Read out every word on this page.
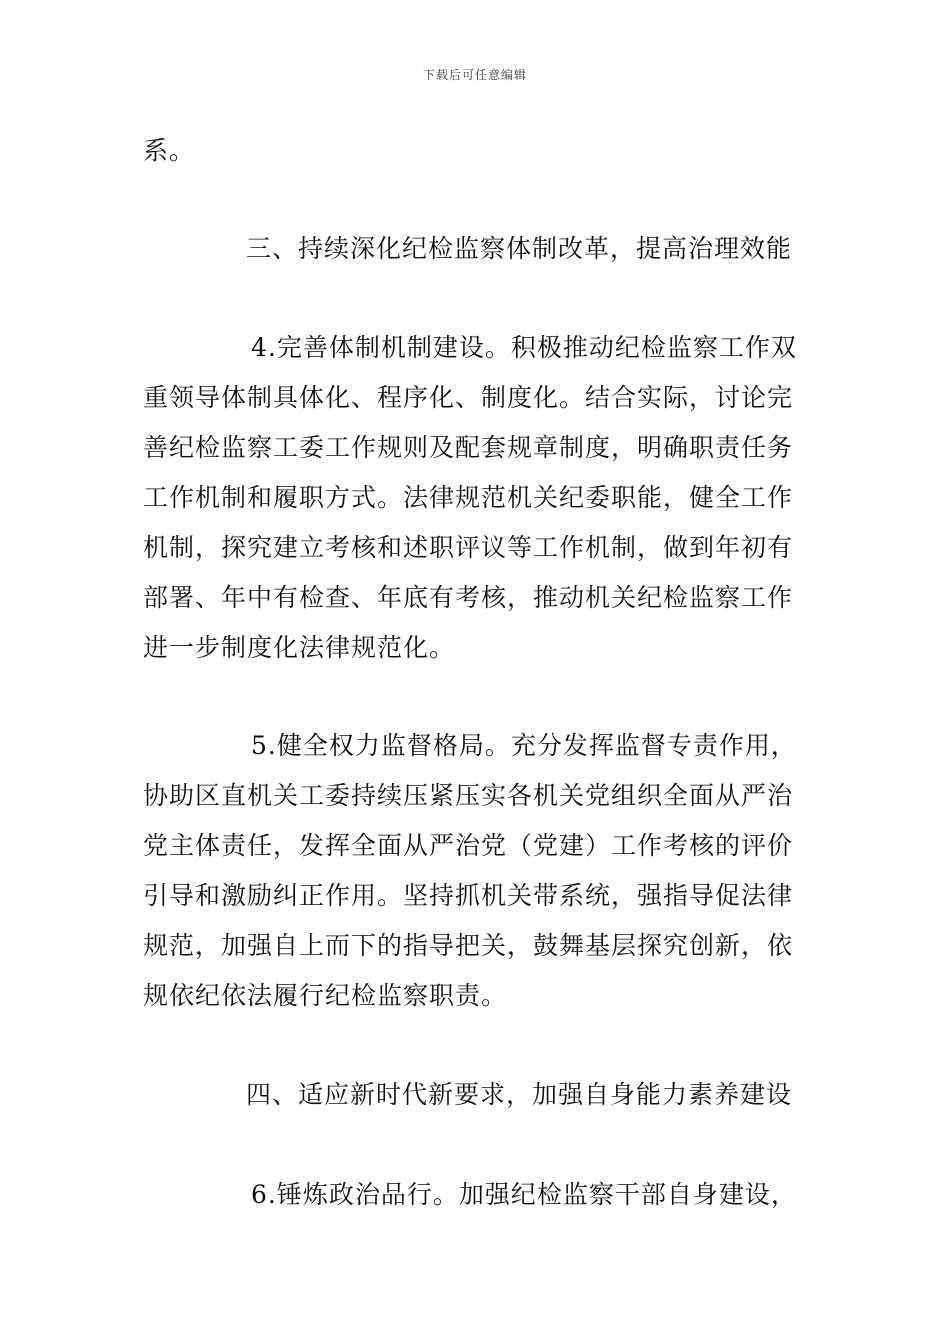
下载后可任意编辑
系。
三、持续深化纪检监察体制改革，提高治理效能
4.完善体制机制建设。积极推动纪检监察工作双
重领导体制具体化、程序化、制度化。结合实际，讨论完
善纪检监察工委工作规则及配套规章制度，明确职责任务
工作机制和履职方式。法律规范机关纪委职能，健全工作
机制，探究建立考核和述职评议等工作机制，做到年初有
部署、年中有检查、年底有考核，推动机关纪检监察工作
进一步制度化法律规范化。
5.健全权力监督格局。充分发挥监督专责作用，
协助区直机关工委持续压紧压实各机关党组织全面从严治
党主体责任，发挥全面从严治党（党建）工作考核的评价
引导和激励纠正作用。坚持抓机关带系统，强指导促法律
规范，加强自上而下的指导把关，鼓舞基层探究创新，依
规依纪依法履行纪检监察职责。
四、适应新时代新要求，加强自身能力素养建设
6.锤炼政治品行。加强纪检监察干部自身建设，
